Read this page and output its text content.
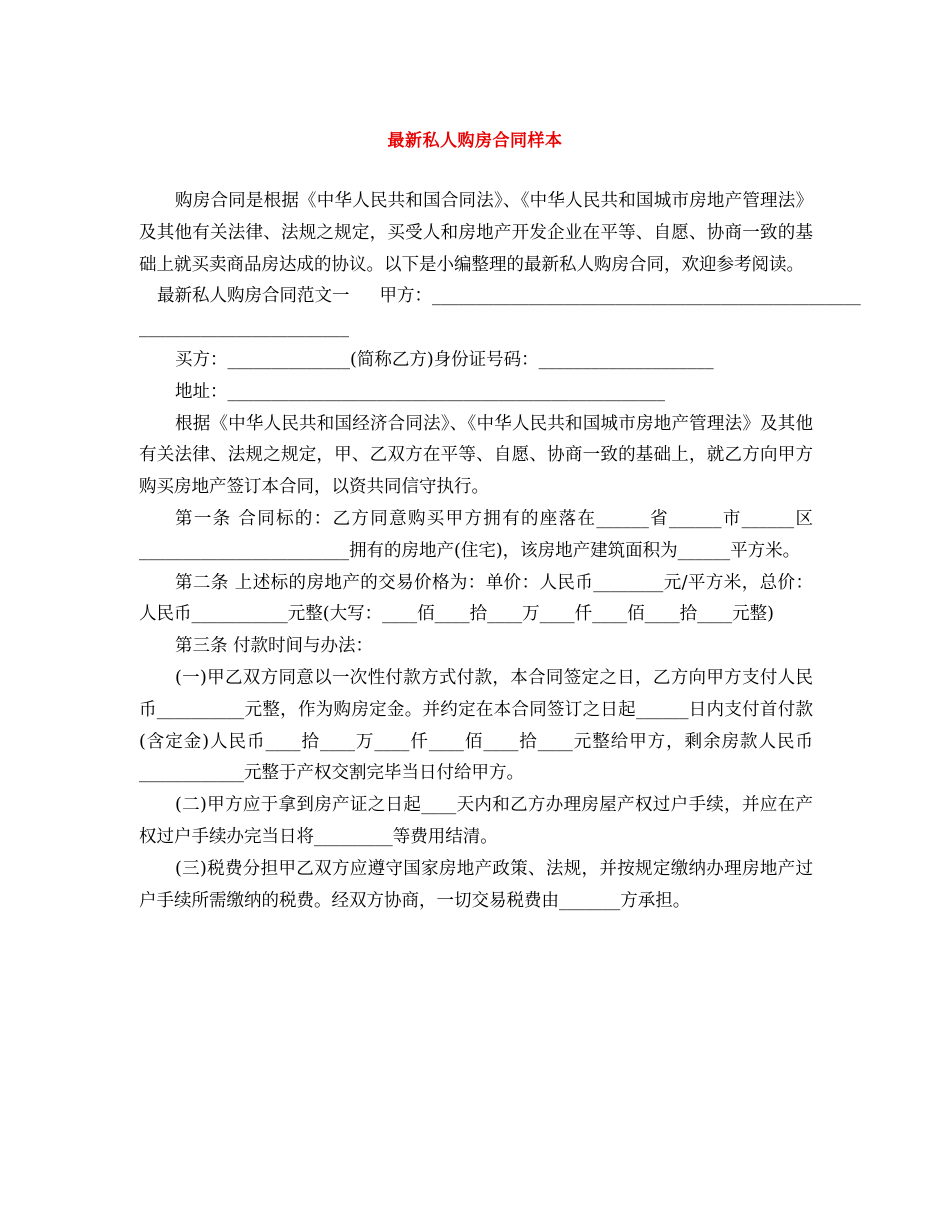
最新私人购房合同样本

购房合同是根据《中华人民共和国合同法》、《中华人民共和国城市房地产管理法》及其他有关法律、法规之规定，买受人和房地产开发企业在平等、自愿、协商一致的基础上就买卖商品房达成的协议。以下是小编整理的最新私人购房合同，欢迎参考阅读。

最新私人购房合同范文一 甲方：_________________________________________________
________________________
买方：______________(简称乙方)身份证号码：____________________
地址：__________________________________________________

根据《中华人民共和国经济合同法》、《中华人民共和国城市房地产管理法》及其他有关法律、法规之规定，甲、乙双方在平等、自愿、协商一致的基础上，就乙方向甲方购买房地产签订本合同，以资共同信守执行。

第一条 合同标的：乙方同意购买甲方拥有的座落在______省______市______区________________________拥有的房地产(住宅)，该房地产建筑面积为______平方米。

第二条 上述标的房地产的交易价格为：单价：人民币________元/平方米，总价：人民币___________元整(大写：____佰____拾____万____仟____佰____拾____元整)

第三条 付款时间与办法：

(一)甲乙双方同意以一次性付款方式付款，本合同签定之日，乙方向甲方支付人民币__________元整，作为购房定金。并约定在本合同签订之日起______日内支付首付款(含定金)人民币____拾____万____仟____佰____拾____元整给甲方，剩余房款人民币____________元整于产权交割完毕当日付给甲方。

(二)甲方应于拿到房产证之日起____天内和乙方办理房屋产权过户手续，并应在产权过户手续办完当日将_________等费用结清。

(三)税费分担甲乙双方应遵守国家房地产政策、法规，并按规定缴纳办理房地产过户手续所需缴纳的税费。经双方协商，一切交易税费由_______方承担。
